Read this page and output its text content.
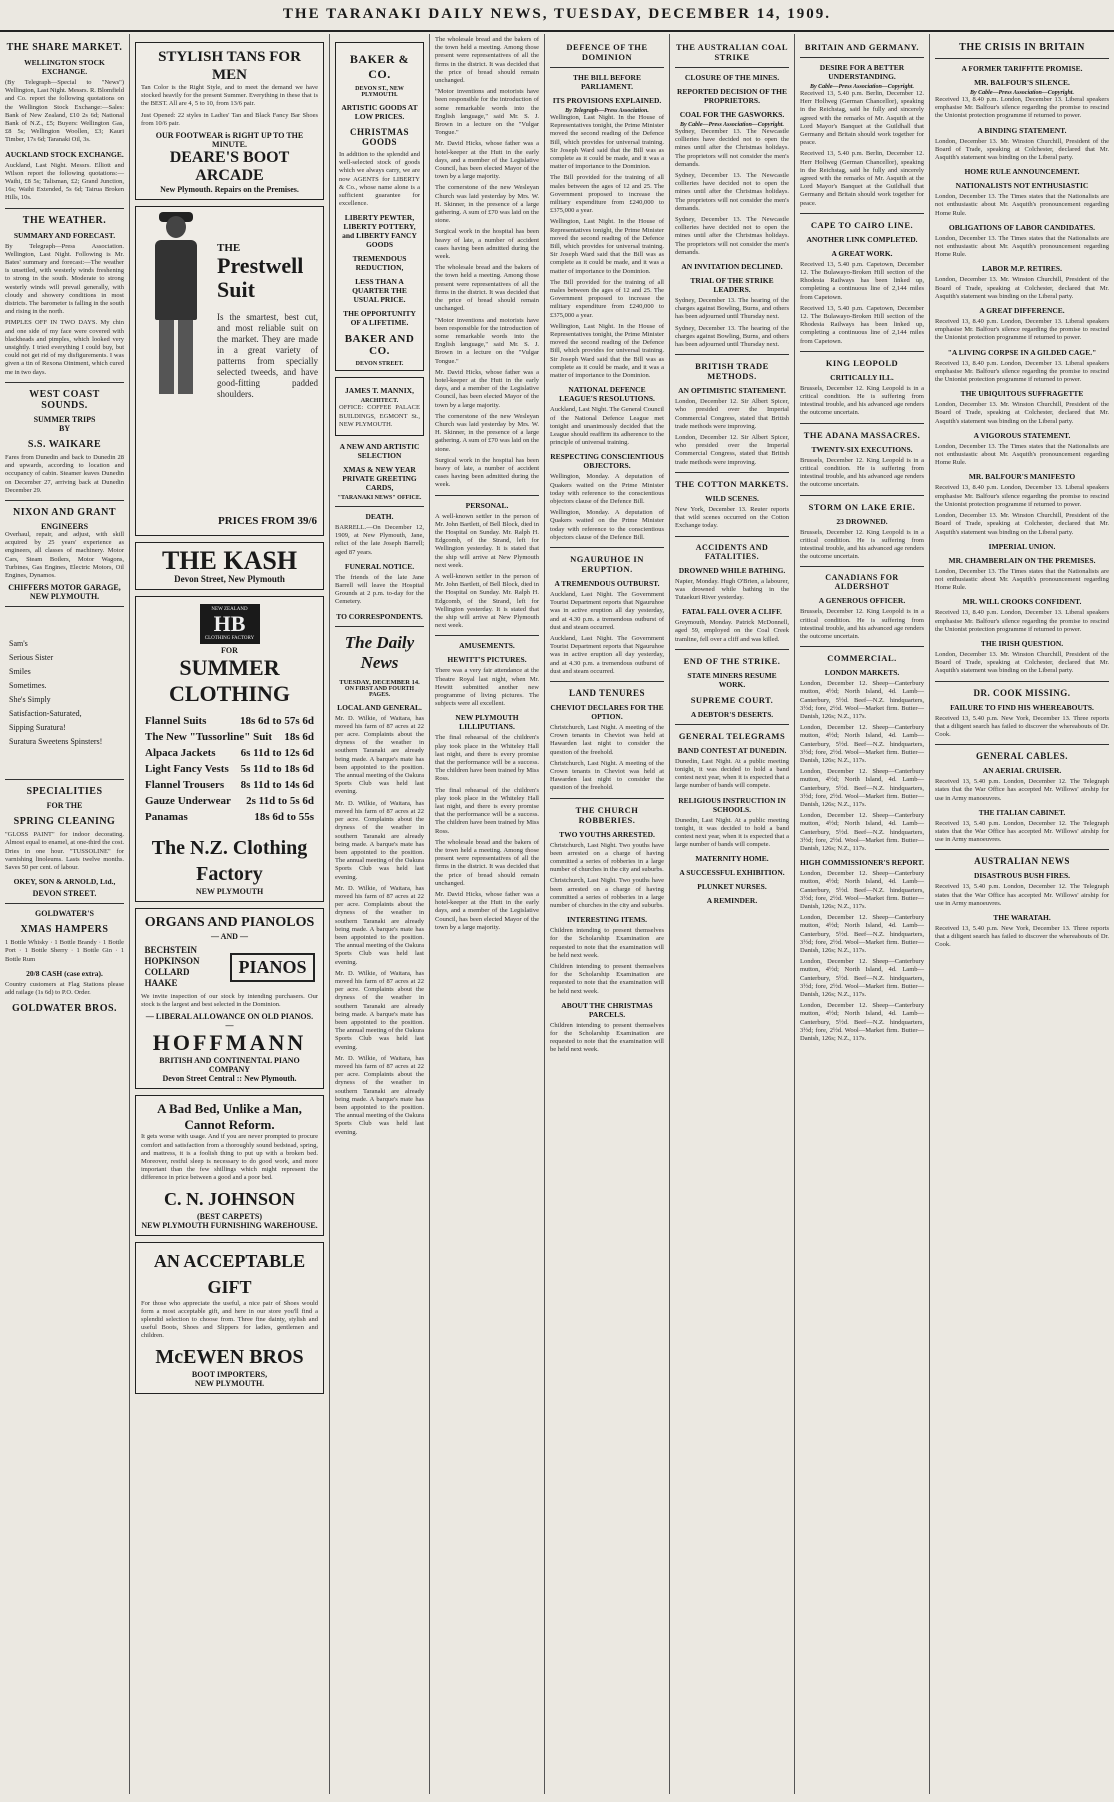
THE TARANAKI DAILY NEWS, TUESDAY, DECEMBER 14, 1909.
THE SHARE MARKET.
WELLINGTON STOCK EXCHANGE.

(By Telegraph—Special to "News") Wellington, Last Night. Messrs. R. Blomfield and Co. report the following quotations on the Wellington Stock Exchange:—Sales: Bank of New Zealand, £10 2s 6d; National Bank of N.Z., £5; Buyers: Wellington Gas, £8 5s; Wellington Woollen, £3; Kauri Timber, 17s 6d; Taranaki Oil, 3s.

AUCKLAND STOCK EXCHANGE.

Auckland, Last Night. Messrs. Elliott and Wilson report the following quotations:— Waihi, £8 5s; Talisman, £2; Grand Junction, 16s; Waihi Extended, 5s 6d; Tairua Broken Hills, 10s.

THE WEATHER.
SUMMARY AND FORECAST.

By Telegraph—Press Association. Wellington, Last Night. Following is Mr. Bates' summary and forecast:—The weather is unsettled, with westerly winds freshening to strong in the south. Moderate to strong westerly winds will prevail generally, with cloudy and showery conditions in most districts. The barometer is falling in the south and rising in the north.

PIMPLES OFF IN TWO DAYS. My chin and one side of my face were covered with blackheads and pimples, which looked very unsightly. I tried everything I could buy, but could not get rid of my disfigurements. I was given a tin of Rexona Ointment, which cured me in two days.

WEST COAST SOUNDS.
SUMMER TRIPS
BY
S.S. WAIKARE

Fares from Dunedin and back to Dunedin 28 and upwards, according to location and occupancy of cabin. Steamer leaves Dunedin on December 27, arriving back at Dunedin December 29.

NIXON AND GRANT
ENGINEERS

Overhaul, repair, and adjust, with skill acquired by 25 years' experience as engineers, all classes of machinery. Motor Cars, Steam Boilers, Motor Wagons, Turbines, Gas Engines, Electric Motors, Oil Engines, Dynamos.

CHIFFERS MOTOR GARAGE, NEW PLYMOUTH.
Sam's
Serious Sister
Smiles
Sometimes.
She's Simply
Satisfaction-Saturated,
Sipping Suratura!
Suratura Sweetens Spinsters!
SPECIALITIES
FOR THE
SPRING CLEANING

"GLOSS PAINT" for indoor decorating. Almost equal to enamel, at one-third the cost. Dries in one hour. "TUSSOLINE" for varnishing linoleums. Lasts twelve months. Saves 50 per cent. of labour.

OKEY, SON & ARNOLD, Ltd.,
DEVON STREET.
GOLDWATER'S
XMAS HAMPERS

1 Bottle Whisky · 1 Bottle Brandy · 1 Bottle Port · 1 Bottle Sherry · 1 Bottle Gin · 1 Bottle Rum

20/8 CASH (case extra).

Country customers at Flag Stations please add railage (1s 6d) to P.O. Order.

GOLDWATER BROS.
STYLISH TANS FOR MEN

Tan Color is the Right Style, and to meet the demand we have stocked heavily for the present Summer. Everything in these that is the BEST. All are 4, 5 to 10, from 13/6 pair.

Just Opened: 22 styles in Ladies' Tan and Black Fancy Bar Shoes from 10/6 pair.

OUR FOOTWEAR is RIGHT UP TO THE MINUTE.
DEARE'S BOOT ARCADE
New Plymouth. Repairs on the Premises.
THE
Prestwell
Suit

Is the smartest, best cut, and most reliable suit on the market. They are made in a great variety of patterns from specially selected tweeds, and have good-fitting padded shoulders.

PRICES FROM 39/6
THE KASH
Devon Street, New Plymouth
NEW ZEALAND
HB
CLOTHING FACTORY
FOR
SUMMER CLOTHING
Flannel Suits	18s 6d to 57s 6d
The New "Tussorline" Suit 18s 6d
Alpaca Jackets 6s 11d to 12s 6d
Light Fancy Vests 5s 11d to 18s 6d
Flannel Trousers 8s 11d to 14s 6d
Gauze Underwear 2s 11d to 5s 6d
Panamas	18s 6d to 55s
The N.Z. Clothing Factory
NEW PLYMOUTH
ORGANS AND PIANOLOS
— AND —
BECHSTEIN HOPKINSON COLLARD HAAKE
PIANOS

We invite inspection of our stock by intending purchasers. Our stock is the largest and best selected in the Dominion.

— LIBERAL ALLOWANCE ON OLD PIANOS. —
HOFFMANN
BRITISH AND CONTINENTAL PIANO COMPANY
Devon Street Central :: New Plymouth.
A Bad Bed, Unlike a Man, Cannot Reform.

It gets worse with usage. And if you are never prompted to procure comfort and satisfaction from a thoroughly sound bedstead, spring, and mattress, it is a foolish thing to put up with a broken bed. Moreover, restful sleep is necessary to do good work, and more important than the few shillings which might represent the difference in price between a good and a poor bed.

C. N. JOHNSON
(BEST CARPETS)
NEW PLYMOUTH FURNISHING WAREHOUSE.
AN ACCEPTABLE GIFT

For those who appreciate the useful, a nice pair of Shoes would form a most acceptable gift, and here in our store you'll find a splendid selection to choose from. Three fine dainty, stylish and useful Boots, Shoes and Slippers for ladies, gentlemen and children.

McEWEN BROS
BOOT IMPORTERS,
NEW PLYMOUTH.
BAKER & CO.
DEVON ST., NEW PLYMOUTH.
ARTISTIC GOODS AT LOW PRICES.
CHRISTMAS GOODS

In addition to the splendid and well-selected stock of goods which we always carry, we are now AGENTS for LIBERTY & Co., whose name alone is a sufficient guarantee for excellence.

LIBERTY PEWTER, LIBERTY POTTERY, and LIBERTY FANCY GOODS
TREMENDOUS REDUCTION,
LESS THAN A QUARTER THE USUAL PRICE.
THE OPPORTUNITY OF A LIFETIME.
BAKER AND CO.
DEVON STREET.
JAMES T. MANNIX,
ARCHITECT.

OFFICE: COFFEE PALACE BUILDINGS, EGMONT St., NEW PLYMOUTH.

A NEW AND ARTISTIC SELECTION
XMAS & NEW YEAR PRIVATE GREETING CARDS,
"TARANAKI NEWS" OFFICE.
DEATH.

BARRELL.—On December 12, 1909, at New Plymouth, Jane, relict of the late Joseph Barrell; aged 87 years.

FUNERAL NOTICE.

The friends of the late Jane Barrell will leave the Hospital Grounds at 2 p.m. to-day for the Cemetery.

TO CORRESPONDENTS.
The Daily News
TUESDAY, DECEMBER 14.
ON FIRST AND FOURTH PAGES.
LOCAL AND GENERAL.

Mr. D. Wilkie, of Waitara, has moved his farm of 87 acres at 22 per acre. Complaints about the dryness of the weather in southern Taranaki are already being made. A barque's mate has been appointed to the position. The annual meeting of the Oakura Sports Club was held last evening.

Mr. D. Wilkie, of Waitara, has moved his farm of 87 acres at 22 per acre. Complaints about the dryness of the weather in southern Taranaki are already being made. A barque's mate has been appointed to the position. The annual meeting of the Oakura Sports Club was held last evening.

Mr. D. Wilkie, of Waitara, has moved his farm of 87 acres at 22 per acre. Complaints about the dryness of the weather in southern Taranaki are already being made. A barque's mate has been appointed to the position. The annual meeting of the Oakura Sports Club was held last evening.

Mr. D. Wilkie, of Waitara, has moved his farm of 87 acres at 22 per acre. Complaints about the dryness of the weather in southern Taranaki are already being made. A barque's mate has been appointed to the position. The annual meeting of the Oakura Sports Club was held last evening.

Mr. D. Wilkie, of Waitara, has moved his farm of 87 acres at 22 per acre. Complaints about the dryness of the weather in southern Taranaki are already being made. A barque's mate has been appointed to the position. The annual meeting of the Oakura Sports Club was held last evening.

The wholesale bread and the bakers of the town held a meeting. Among those present were representatives of all the firms in the district. It was decided that the price of bread should remain unchanged.

"Motor inventions and motorists have been responsible for the introduction of some remarkable words into the English language," said Mr. S. J. Brown in a lecture on the "Vulgar Tongue."

Mr. David Hicks, whose father was a hotel-keeper at the Hutt in the early days, and a member of the Legislative Council, has been elected Mayor of the town by a large majority.

The cornerstone of the new Wesleyan Church was laid yesterday by Mrs. W. H. Skinner, in the presence of a large gathering. A sum of £70 was laid on the stone.

Surgical work in the hospital has been heavy of late, a number of accident cases having been admitted during the week.

The wholesale bread and the bakers of the town held a meeting. Among those present were representatives of all the firms in the district. It was decided that the price of bread should remain unchanged.

"Motor inventions and motorists have been responsible for the introduction of some remarkable words into the English language," said Mr. S. J. Brown in a lecture on the "Vulgar Tongue."

Mr. David Hicks, whose father was a hotel-keeper at the Hutt in the early days, and a member of the Legislative Council, has been elected Mayor of the town by a large majority.

The cornerstone of the new Wesleyan Church was laid yesterday by Mrs. W. H. Skinner, in the presence of a large gathering. A sum of £70 was laid on the stone.

Surgical work in the hospital has been heavy of late, a number of accident cases having been admitted during the week.

PERSONAL.

A well-known settler in the person of Mr. John Bartlett, of Bell Block, died in the Hospital on Sunday. Mr. Ralph H. Edgcomb, of the Strand, left for Wellington yesterday. It is stated that the ship will arrive at New Plymouth next week.

A well-known settler in the person of Mr. John Bartlett, of Bell Block, died in the Hospital on Sunday. Mr. Ralph H. Edgcomb, of the Strand, left for Wellington yesterday. It is stated that the ship will arrive at New Plymouth next week.

AMUSEMENTS.
HEWITT'S PICTURES.

There was a very fair attendance at the Theatre Royal last night, when Mr. Hewitt submitted another new programme of living pictures. The subjects were all excellent.

NEW PLYMOUTH LILLIPUTIANS.

The final rehearsal of the children's play took place in the Whiteley Hall last night, and there is every promise that the performance will be a success. The children have been trained by Miss Ross.

The final rehearsal of the children's play took place in the Whiteley Hall last night, and there is every promise that the performance will be a success. The children have been trained by Miss Ross.

The wholesale bread and the bakers of the town held a meeting. Among those present were representatives of all the firms in the district. It was decided that the price of bread should remain unchanged.

Mr. David Hicks, whose father was a hotel-keeper at the Hutt in the early days, and a member of the Legislative Council, has been elected Mayor of the town by a large majority.

DEFENCE OF THE DOMINION
THE BILL BEFORE PARLIAMENT.
ITS PROVISIONS EXPLAINED.
By Telegraph—Press Association.

Wellington, Last Night. In the House of Representatives tonight, the Prime Minister moved the second reading of the Defence Bill, which provides for universal training. Sir Joseph Ward said that the Bill was as complete as it could be made, and it was a matter of importance to the Dominion.

The Bill provided for the training of all males between the ages of 12 and 25. The Government proposed to increase the military expenditure from £240,000 to £375,000 a year.

Wellington, Last Night. In the House of Representatives tonight, the Prime Minister moved the second reading of the Defence Bill, which provides for universal training. Sir Joseph Ward said that the Bill was as complete as it could be made, and it was a matter of importance to the Dominion.

The Bill provided for the training of all males between the ages of 12 and 25. The Government proposed to increase the military expenditure from £240,000 to £375,000 a year.

Wellington, Last Night. In the House of Representatives tonight, the Prime Minister moved the second reading of the Defence Bill, which provides for universal training. Sir Joseph Ward said that the Bill was as complete as it could be made, and it was a matter of importance to the Dominion.

NATIONAL DEFENCE LEAGUE'S RESOLUTIONS.

Auckland, Last Night. The General Council of the National Defence League met tonight and unanimously decided that the League should reaffirm its adherence to the principle of universal training.

RESPECTING CONSCIENTIOUS OBJECTORS.

Wellington, Monday. A deputation of Quakers waited on the Prime Minister today with reference to the conscientious objectors clause of the Defence Bill.

Wellington, Monday. A deputation of Quakers waited on the Prime Minister today with reference to the conscientious objectors clause of the Defence Bill.

NGAURUHOE IN ERUPTION.
A TREMENDOUS OUTBURST.

Auckland, Last Night. The Government Tourist Department reports that Ngauruhoe was in active eruption all day yesterday, and at 4.30 p.m. a tremendous outburst of dust and steam occurred.

Auckland, Last Night. The Government Tourist Department reports that Ngauruhoe was in active eruption all day yesterday, and at 4.30 p.m. a tremendous outburst of dust and steam occurred.

LAND TENURES
CHEVIOT DECLARES FOR THE OPTION.

Christchurch, Last Night. A meeting of the Crown tenants in Cheviot was held at Hawarden last night to consider the question of the freehold.

Christchurch, Last Night. A meeting of the Crown tenants in Cheviot was held at Hawarden last night to consider the question of the freehold.

THE CHURCH ROBBERIES.
TWO YOUTHS ARRESTED.

Christchurch, Last Night. Two youths have been arrested on a charge of having committed a series of robberies in a large number of churches in the city and suburbs.

Christchurch, Last Night. Two youths have been arrested on a charge of having committed a series of robberies in a large number of churches in the city and suburbs.

INTERESTING ITEMS.

Children intending to present themselves for the Scholarship Examination are requested to note that the examination will be held next week.

Children intending to present themselves for the Scholarship Examination are requested to note that the examination will be held next week.

ABOUT THE CHRISTMAS PARCELS.

Children intending to present themselves for the Scholarship Examination are requested to note that the examination will be held next week.

THE AUSTRALIAN COAL STRIKE
CLOSURE OF THE MINES.
REPORTED DECISION OF THE PROPRIETORS.
COAL FOR THE GASWORKS.
By Cable—Press Association—Copyright.

Sydney, December 13. The Newcastle collieries have decided not to open the mines until after the Christmas holidays. The proprietors will not consider the men's demands.

Sydney, December 13. The Newcastle collieries have decided not to open the mines until after the Christmas holidays. The proprietors will not consider the men's demands.

Sydney, December 13. The Newcastle collieries have decided not to open the mines until after the Christmas holidays. The proprietors will not consider the men's demands.

AN INVITATION DECLINED.
TRIAL OF THE STRIKE LEADERS.

Sydney, December 13. The hearing of the charges against Bowling, Burns, and others has been adjourned until Thursday next.

Sydney, December 13. The hearing of the charges against Bowling, Burns, and others has been adjourned until Thursday next.

BRITISH TRADE METHODS.
AN OPTIMISTIC STATEMENT.

London, December 12. Sir Albert Spicer, who presided over the Imperial Commercial Congress, stated that British trade methods were improving.

London, December 12. Sir Albert Spicer, who presided over the Imperial Commercial Congress, stated that British trade methods were improving.

THE COTTON MARKETS.
WILD SCENES.

New York, December 13. Reuter reports that wild scenes occurred on the Cotton Exchange today.

ACCIDENTS AND FATALITIES.
DROWNED WHILE BATHING.

Napier, Monday. Hugh O'Brien, a labourer, was drowned while bathing in the Tutaekuri River yesterday.

FATAL FALL OVER A CLIFF.

Greymouth, Monday. Patrick McDonnell, aged 59, employed on the Coal Creek tramline, fell over a cliff and was killed.

END OF THE STRIKE.
STATE MINERS RESUME WORK.
SUPREME COURT.
A DEBTOR'S DESERTS.
GENERAL TELEGRAMS
BAND CONTEST AT DUNEDIN.

Dunedin, Last Night. At a public meeting tonight, it was decided to hold a band contest next year, when it is expected that a large number of bands will compete.

RELIGIOUS INSTRUCTION IN SCHOOLS.

Dunedin, Last Night. At a public meeting tonight, it was decided to hold a band contest next year, when it is expected that a large number of bands will compete.

MATERNITY HOME.
A SUCCESSFUL EXHIBITION.
PLUNKET NURSES.
A REMINDER.
BRITAIN AND GERMANY.
DESIRE FOR A BETTER UNDERSTANDING.
By Cable—Press Association—Copyright.

Received 13, 5.40 p.m. Berlin, December 12. Herr Hollweg (German Chancellor), speaking in the Reichstag, said he fully and sincerely agreed with the remarks of Mr. Asquith at the Lord Mayor's Banquet at the Guildhall that Germany and Britain should work together for peace.

Received 13, 5.40 p.m. Berlin, December 12. Herr Hollweg (German Chancellor), speaking in the Reichstag, said he fully and sincerely agreed with the remarks of Mr. Asquith at the Lord Mayor's Banquet at the Guildhall that Germany and Britain should work together for peace.

CAPE TO CAIRO LINE.
ANOTHER LINK COMPLETED.
A GREAT WORK.

Received 13, 5.40 p.m. Capetown, December 12. The Bulawayo-Broken Hill section of the Rhodesia Railways has been linked up, completing a continuous line of 2,144 miles from Capetown.

Received 13, 5.40 p.m. Capetown, December 12. The Bulawayo-Broken Hill section of the Rhodesia Railways has been linked up, completing a continuous line of 2,144 miles from Capetown.

KING LEOPOLD
CRITICALLY ILL.

Brussels, December 12. King Leopold is in a critical condition. He is suffering from intestinal trouble, and his advanced age renders the outcome uncertain.

THE ADANA MASSACRES.
TWENTY-SIX EXECUTIONS.

Brussels, December 12. King Leopold is in a critical condition. He is suffering from intestinal trouble, and his advanced age renders the outcome uncertain.

STORM ON LAKE ERIE.
23 DROWNED.

Brussels, December 12. King Leopold is in a critical condition. He is suffering from intestinal trouble, and his advanced age renders the outcome uncertain.

CANADIANS FOR ALDERSHOT
A GENEROUS OFFICER.

Brussels, December 12. King Leopold is in a critical condition. He is suffering from intestinal trouble, and his advanced age renders the outcome uncertain.

COMMERCIAL.
LONDON MARKETS.

London, December 12. Sheep—Canterbury mutton, 4½d; North Island, 4d. Lamb—Canterbury, 5½d. Beef—N.Z. hindquarters, 3½d; fore, 2½d. Wool—Market firm. Butter—Danish, 126s; N.Z., 117s.

London, December 12. Sheep—Canterbury mutton, 4½d; North Island, 4d. Lamb—Canterbury, 5½d. Beef—N.Z. hindquarters, 3½d; fore, 2½d. Wool—Market firm. Butter—Danish, 126s; N.Z., 117s.

London, December 12. Sheep—Canterbury mutton, 4½d; North Island, 4d. Lamb—Canterbury, 5½d. Beef—N.Z. hindquarters, 3½d; fore, 2½d. Wool—Market firm. Butter—Danish, 126s; N.Z., 117s.

London, December 12. Sheep—Canterbury mutton, 4½d; North Island, 4d. Lamb—Canterbury, 5½d. Beef—N.Z. hindquarters, 3½d; fore, 2½d. Wool—Market firm. Butter—Danish, 126s; N.Z., 117s.

HIGH COMMISSIONER'S REPORT.

London, December 12. Sheep—Canterbury mutton, 4½d; North Island, 4d. Lamb—Canterbury, 5½d. Beef—N.Z. hindquarters, 3½d; fore, 2½d. Wool—Market firm. Butter—Danish, 126s; N.Z., 117s.

London, December 12. Sheep—Canterbury mutton, 4½d; North Island, 4d. Lamb—Canterbury, 5½d. Beef—N.Z. hindquarters, 3½d; fore, 2½d. Wool—Market firm. Butter—Danish, 126s; N.Z., 117s.

London, December 12. Sheep—Canterbury mutton, 4½d; North Island, 4d. Lamb—Canterbury, 5½d. Beef—N.Z. hindquarters, 3½d; fore, 2½d. Wool—Market firm. Butter—Danish, 126s; N.Z., 117s.

London, December 12. Sheep—Canterbury mutton, 4½d; North Island, 4d. Lamb—Canterbury, 5½d. Beef—N.Z. hindquarters, 3½d; fore, 2½d. Wool—Market firm. Butter—Danish, 126s; N.Z., 117s.

THE CRISIS IN BRITAIN
A FORMER TARIFFITE PROMISE.
MR. BALFOUR'S SILENCE.
By Cable—Press Association—Copyright.

Received 13, 8.40 p.m. London, December 13. Liberal speakers emphasise Mr. Balfour's silence regarding the promise to rescind the Unionist protection programme if returned to power.

A BINDING STATEMENT.

London, December 13. Mr. Winston Churchill, President of the Board of Trade, speaking at Colchester, declared that Mr. Asquith's statement was binding on the Liberal party.

HOME RULE ANNOUNCEMENT.
NATIONALISTS NOT ENTHUSIASTIC

London, December 13. The Times states that the Nationalists are not enthusiastic about Mr. Asquith's pronouncement regarding Home Rule.

OBLIGATIONS OF LABOR CANDIDATES.

London, December 13. The Times states that the Nationalists are not enthusiastic about Mr. Asquith's pronouncement regarding Home Rule.

LABOR M.P. RETIRES.

London, December 13. Mr. Winston Churchill, President of the Board of Trade, speaking at Colchester, declared that Mr. Asquith's statement was binding on the Liberal party.

A GREAT DIFFERENCE.

Received 13, 8.40 p.m. London, December 13. Liberal speakers emphasise Mr. Balfour's silence regarding the promise to rescind the Unionist protection programme if returned to power.

"A LIVING CORPSE IN A GILDED CAGE."

Received 13, 8.40 p.m. London, December 13. Liberal speakers emphasise Mr. Balfour's silence regarding the promise to rescind the Unionist protection programme if returned to power.

THE UBIQUITOUS SUFFRAGETTE

London, December 13. Mr. Winston Churchill, President of the Board of Trade, speaking at Colchester, declared that Mr. Asquith's statement was binding on the Liberal party.

A VIGOROUS STATEMENT.

London, December 13. The Times states that the Nationalists are not enthusiastic about Mr. Asquith's pronouncement regarding Home Rule.

MR. BALFOUR'S MANIFESTO

Received 13, 8.40 p.m. London, December 13. Liberal speakers emphasise Mr. Balfour's silence regarding the promise to rescind the Unionist protection programme if returned to power.

London, December 13. Mr. Winston Churchill, President of the Board of Trade, speaking at Colchester, declared that Mr. Asquith's statement was binding on the Liberal party.

IMPERIAL UNION.
MR. CHAMBERLAIN ON THE PREMISES.

London, December 13. The Times states that the Nationalists are not enthusiastic about Mr. Asquith's pronouncement regarding Home Rule.

MR. WILL CROOKS CONFIDENT.

Received 13, 8.40 p.m. London, December 13. Liberal speakers emphasise Mr. Balfour's silence regarding the promise to rescind the Unionist protection programme if returned to power.

THE IRISH QUESTION.

London, December 13. Mr. Winston Churchill, President of the Board of Trade, speaking at Colchester, declared that Mr. Asquith's statement was binding on the Liberal party.

DR. COOK MISSING.
FAILURE TO FIND HIS WHEREABOUTS.

Received 13, 5.40 p.m. New York, December 13. Three reports that a diligent search has failed to discover the whereabouts of Dr. Cook.

GENERAL CABLES.
AN AERIAL CRUISER.

Received 13, 5.40 p.m. London, December 12. The Telegraph states that the War Office has accepted Mr. Willows' airship for use in Army manoeuvres.

THE ITALIAN CABINET.

Received 13, 5.40 p.m. London, December 12. The Telegraph states that the War Office has accepted Mr. Willows' airship for use in Army manoeuvres.

AUSTRALIAN NEWS
DISASTROUS BUSH FIRES.

Received 13, 5.40 p.m. London, December 12. The Telegraph states that the War Office has accepted Mr. Willows' airship for use in Army manoeuvres.

THE WARATAH.

Received 13, 5.40 p.m. New York, December 13. Three reports that a diligent search has failed to discover the whereabouts of Dr. Cook.
